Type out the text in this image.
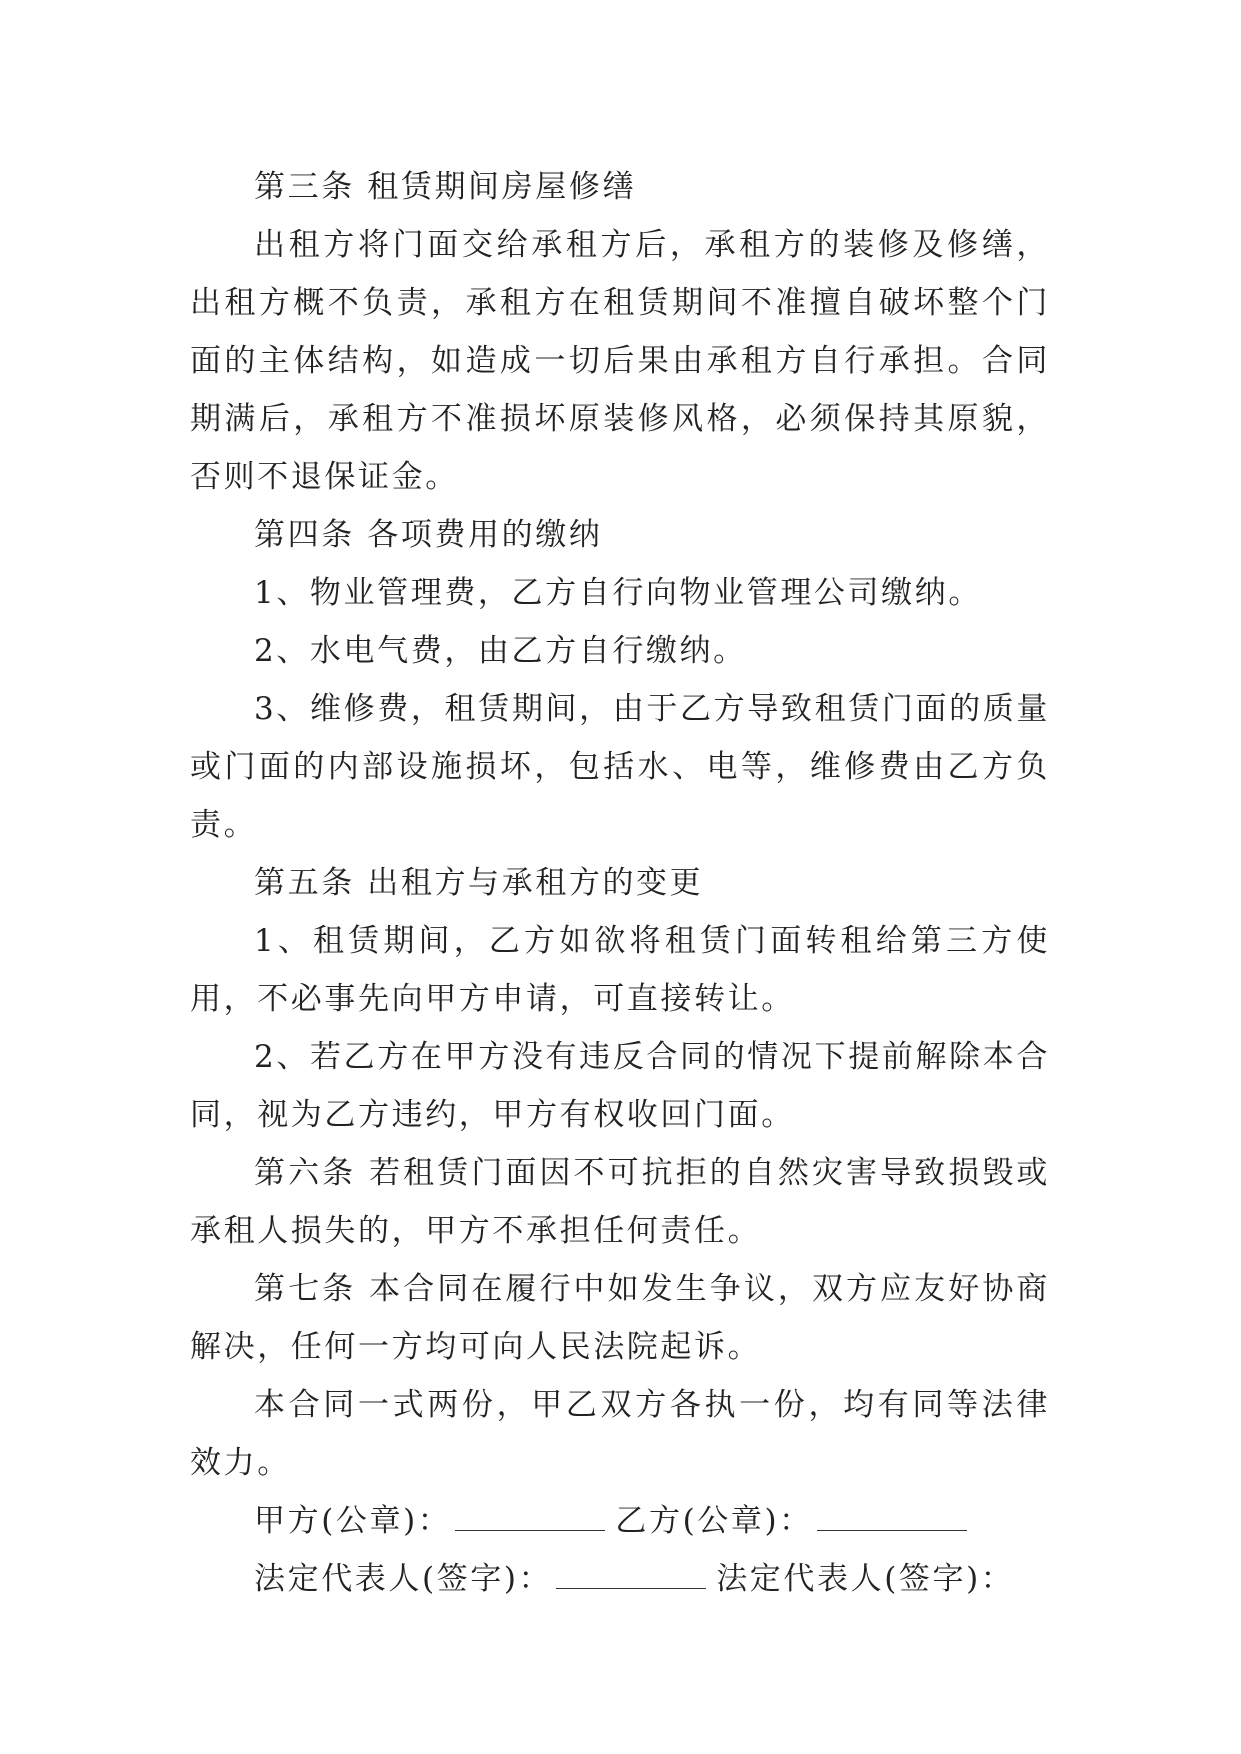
第三条 租赁期间房屋修缮

出租方将门面交给承租方后，承租方的装修及修缮，出租方概不负责，承租方在租赁期间不准擅自破坏整个门面的主体结构，如造成一切后果由承租方自行承担。合同期满后，承租方不准损坏原装修风格，必须保持其原貌，否则不退保证金。

第四条 各项费用的缴纳

1、物业管理费，乙方自行向物业管理公司缴纳。

2、水电气费，由乙方自行缴纳。

3、维修费，租赁期间，由于乙方导致租赁门面的质量或门面的内部设施损坏，包括水、电等，维修费由乙方负责。

第五条 出租方与承租方的变更

1、租赁期间，乙方如欲将租赁门面转租给第三方使用，不必事先向甲方申请，可直接转让。

2、若乙方在甲方没有违反合同的情况下提前解除本合同，视为乙方违约，甲方有权收回门面。

第六条 若租赁门面因不可抗拒的自然灾害导致损毁或承租人损失的，甲方不承担任何责任。

第七条 本合同在履行中如发生争议，双方应友好协商解决，任何一方均可向人民法院起诉。

本合同一式两份，甲乙双方各执一份，均有同等法律效力。

甲方(公章)：	乙方(公章)：

法定代表人(签字)：	法定代表人(签字)：
